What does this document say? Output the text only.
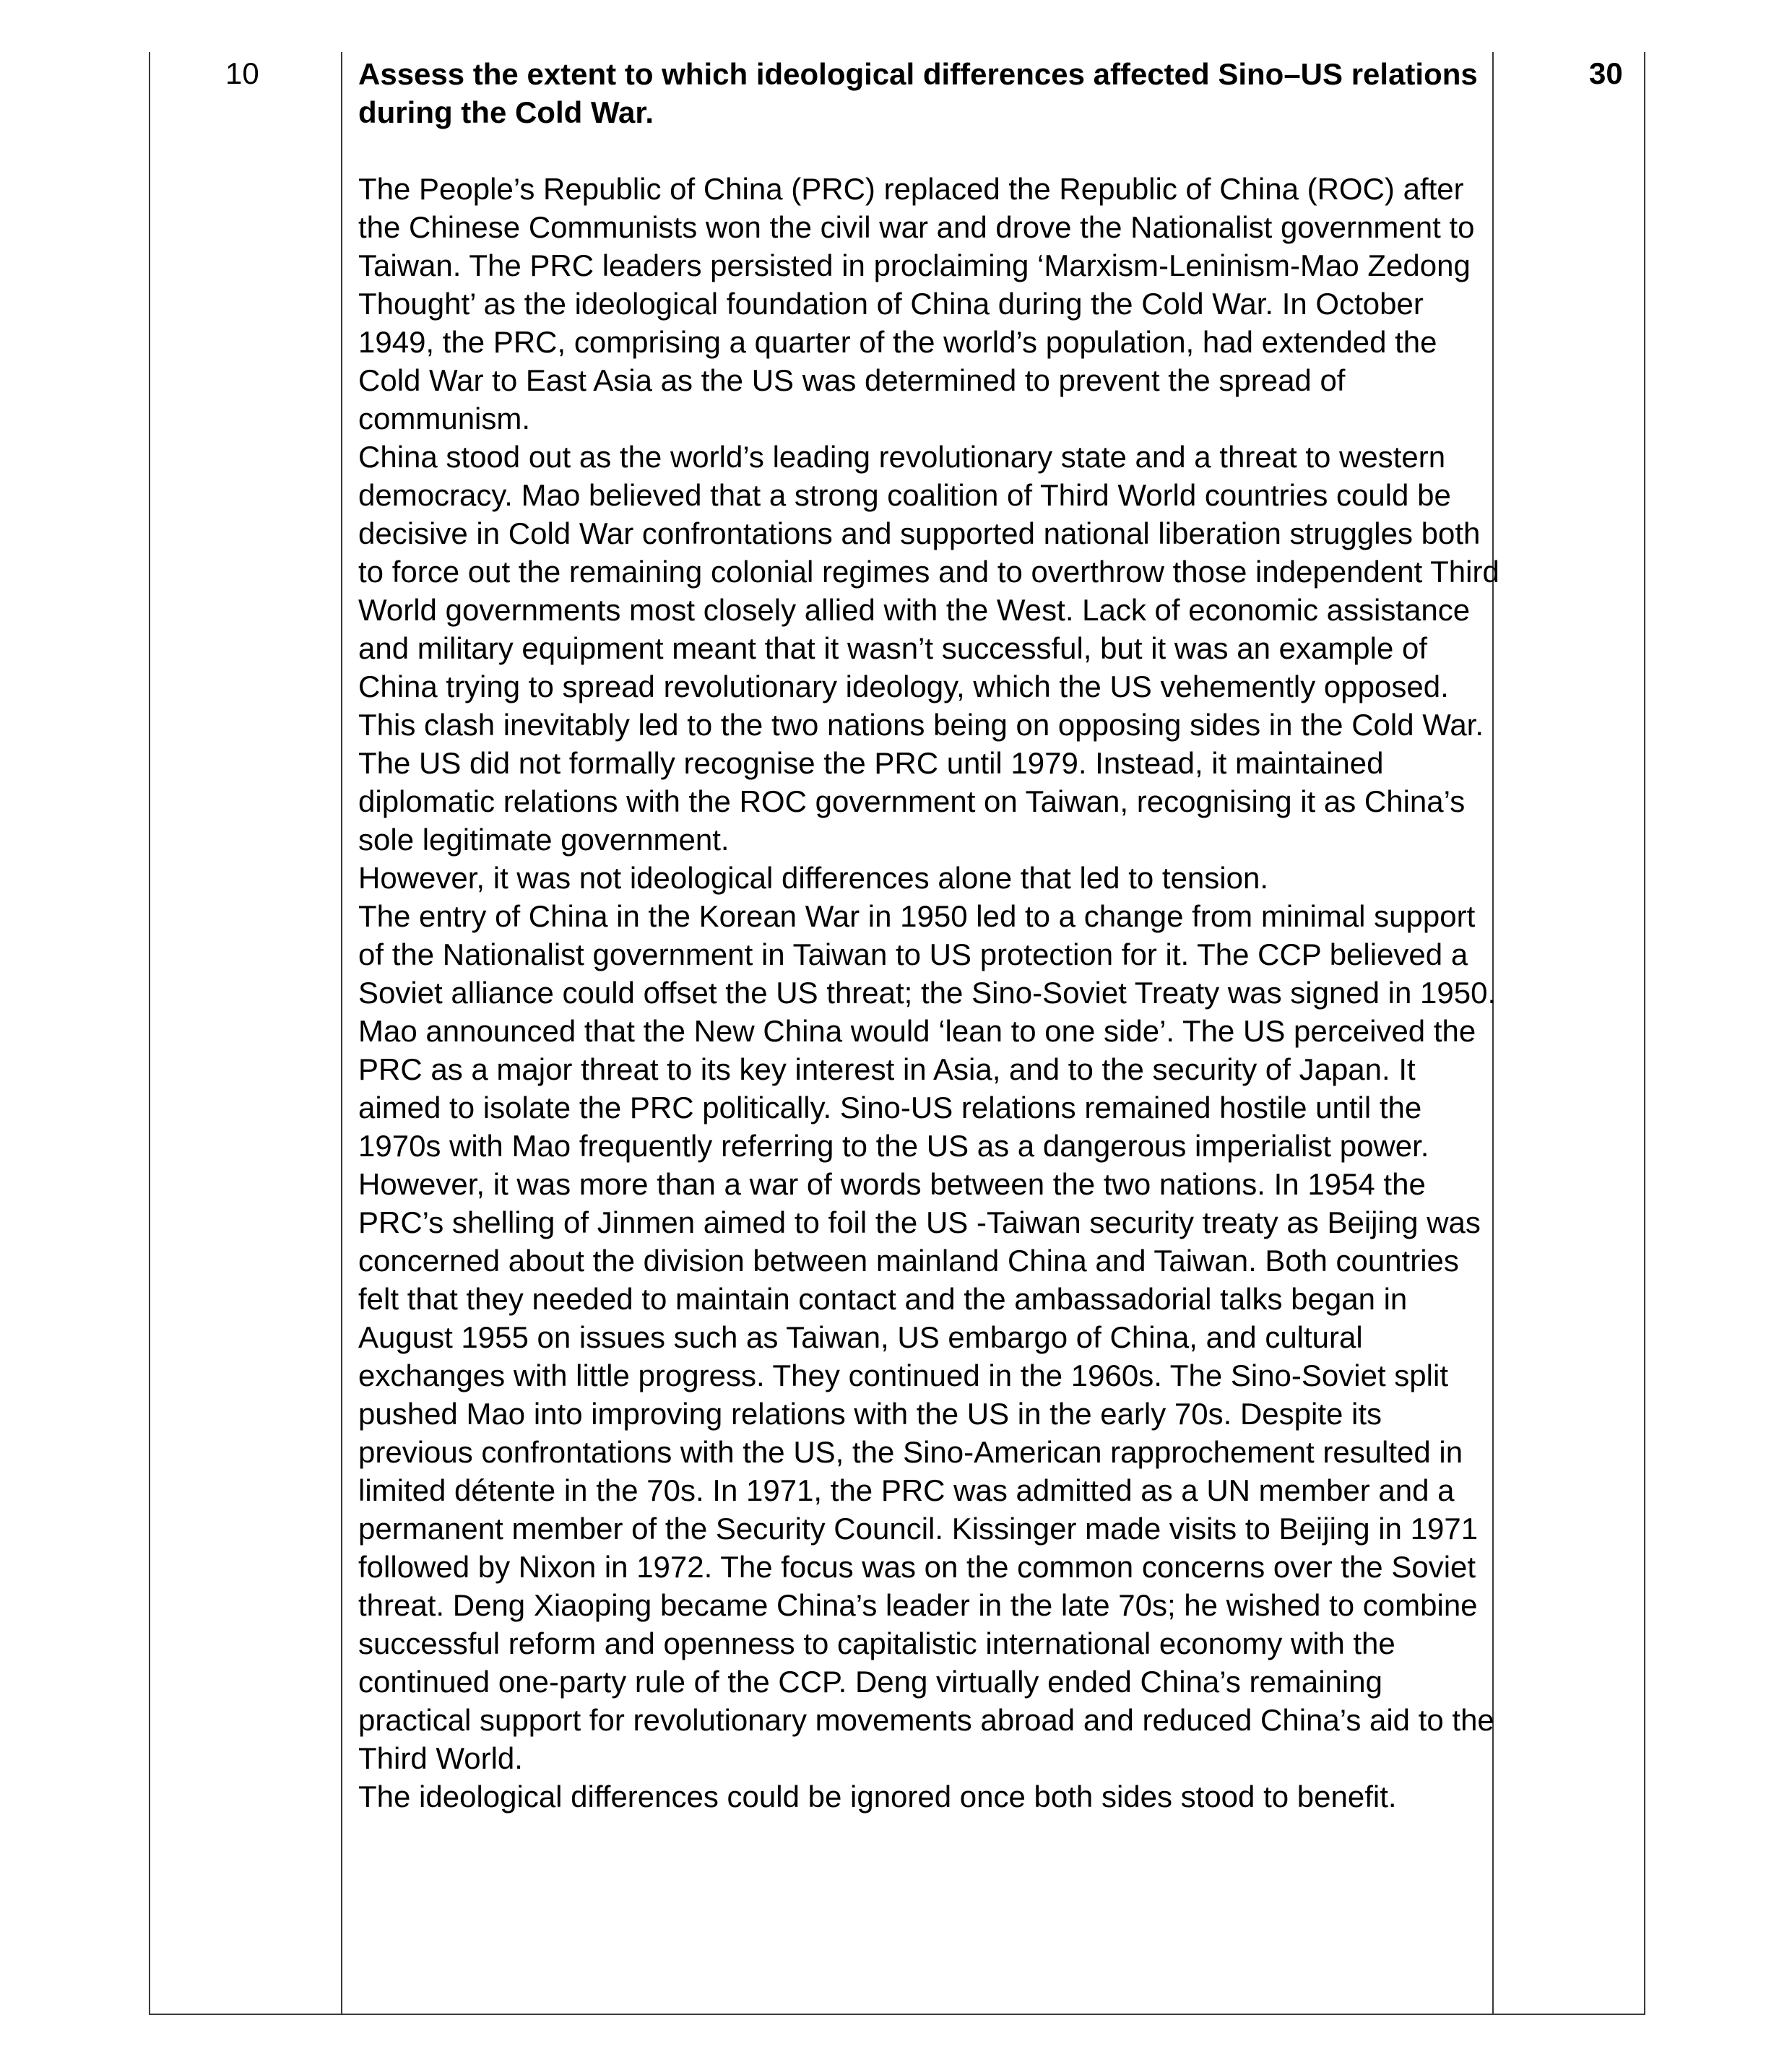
10	Assess the extent to which ideological differences affected Sino–US relations during the Cold War.

The People’s Republic of China (PRC) replaced the Republic of China (ROC) after the Chinese Communists won the civil war and drove the Nationalist government to Taiwan. The PRC leaders persisted in proclaiming ‘Marxism-Leninism-Mao Zedong Thought’ as the ideological foundation of China during the Cold War. In October 1949, the PRC, comprising a quarter of the world’s population, had extended the Cold War to East Asia as the US was determined to prevent the spread of communism.

China stood out as the world’s leading revolutionary state and a threat to western democracy. Mao believed that a strong coalition of Third World countries could be decisive in Cold War confrontations and supported national liberation struggles both to force out the remaining colonial regimes and to overthrow those independent Third World governments most closely allied with the West. Lack of economic assistance and military equipment meant that it wasn’t successful, but it was an example of China trying to spread revolutionary ideology, which the US vehemently opposed.

This clash inevitably led to the two nations being on opposing sides in the Cold War. The US did not formally recognise the PRC until 1979. Instead, it maintained diplomatic relations with the ROC government on Taiwan, recognising it as China’s sole legitimate government.

However, it was not ideological differences alone that led to tension.

The entry of China in the Korean War in 1950 led to a change from minimal support of the Nationalist government in Taiwan to US protection for it. The CCP believed a Soviet alliance could offset the US threat; the Sino-Soviet Treaty was signed in 1950. Mao announced that the New China would ‘lean to one side’. The US perceived the PRC as a major threat to its key interest in Asia, and to the security of Japan. It aimed to isolate the PRC politically. Sino-US relations remained hostile until the 1970s with Mao frequently referring to the US as a dangerous imperialist power.

However, it was more than a war of words between the two nations. In 1954 the PRC’s shelling of Jinmen aimed to foil the US -Taiwan security treaty as Beijing was concerned about the division between mainland China and Taiwan. Both countries felt that they needed to maintain contact and the ambassadorial talks began in August 1955 on issues such as Taiwan, US embargo of China, and cultural exchanges with little progress. They continued in the 1960s. The Sino-Soviet split pushed Mao into improving relations with the US in the early 70s. Despite its previous confrontations with the US, the Sino-American rapprochement resulted in limited détente in the 70s. In 1971, the PRC was admitted as a UN member and a permanent member of the Security Council. Kissinger made visits to Beijing in 1971 followed by Nixon in 1972. The focus was on the common concerns over the Soviet threat. Deng Xiaoping became China’s leader in the late 70s; he wished to combine successful reform and openness to capitalistic international economy with the continued one-party rule of the CCP. Deng virtually ended China’s remaining practical support for revolutionary movements abroad and reduced China’s aid to the Third World.

The ideological differences could be ignored once both sides stood to benefit.

30
